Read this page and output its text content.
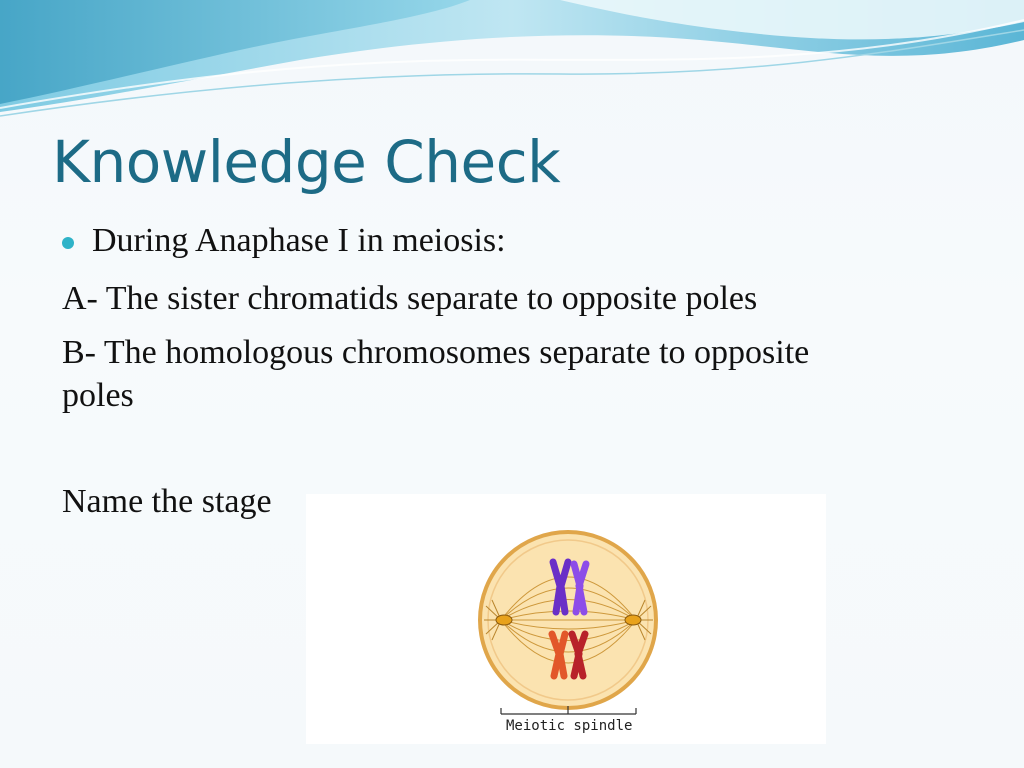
Knowledge Check
During Anaphase I in meiosis:
A- The sister chromatids separate to opposite poles
B- The homologous chromosomes separate to opposite
poles
Name the stage
Meiotic spindle
